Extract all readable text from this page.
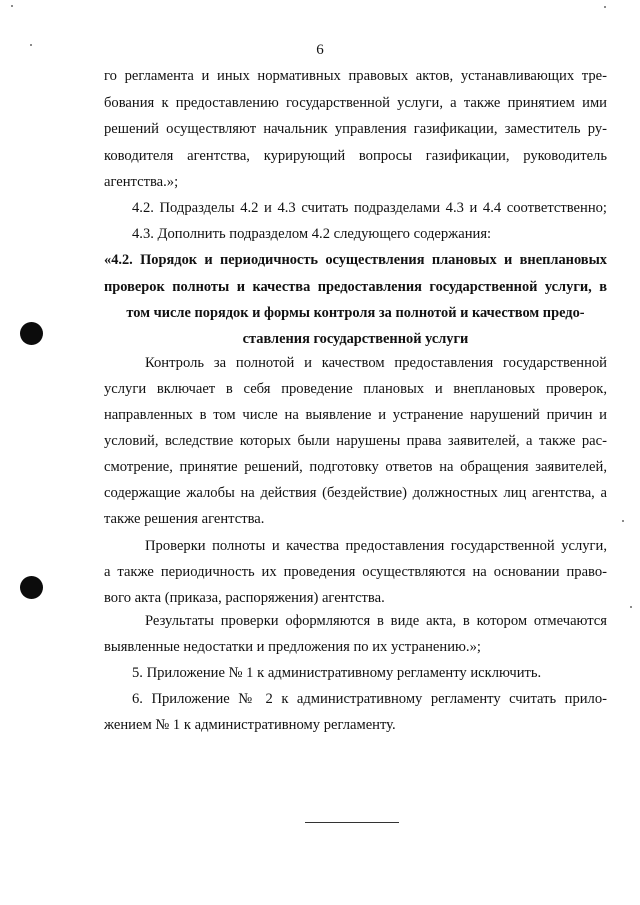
6
го регламента и иных нормативных правовых актов, устанавливающих тре-
бования к предоставлению государственной услуги, а также принятием ими
решений осуществляют начальник управления газификации, заместитель ру-
ководителя агентства, курирующий вопросы газификации, руководитель
агентства.»;
4.2. Подразделы 4.2 и 4.3 считать подразделами 4.3 и 4.4 соответственно;
4.3. Дополнить подразделом 4.2 следующего содержания:
«4.2. Порядок и периодичность осуществления плановых и внеплановых
проверок полноты и качества предоставления государственной услуги, в
том числе порядок и формы контроля за полнотой и качеством предо-
ставления государственной услуги
Контроль за полнотой и качеством предоставления государственной
услуги включает в себя проведение плановых и внеплановых проверок,
направленных в том числе на выявление и устранение нарушений причин и
условий, вследствие которых были нарушены права заявителей, а также рас-
смотрение, принятие решений, подготовку ответов на обращения заявителей,
содержащие жалобы на действия (бездействие) должностных лиц агентства, а
также решения агентства.
Проверки полноты и качества предоставления государственной услуги,
а также периодичность их проведения осуществляются на основании право-
вого акта (приказа, распоряжения) агентства.
Результаты проверки оформляются в виде акта, в котором отмечаются
выявленные недостатки и предложения по их устранению.»;
5. Приложение № 1 к административному регламенту исключить.
6. Приложение № 2 к административному регламенту считать прило-
жением № 1 к административному регламенту.
